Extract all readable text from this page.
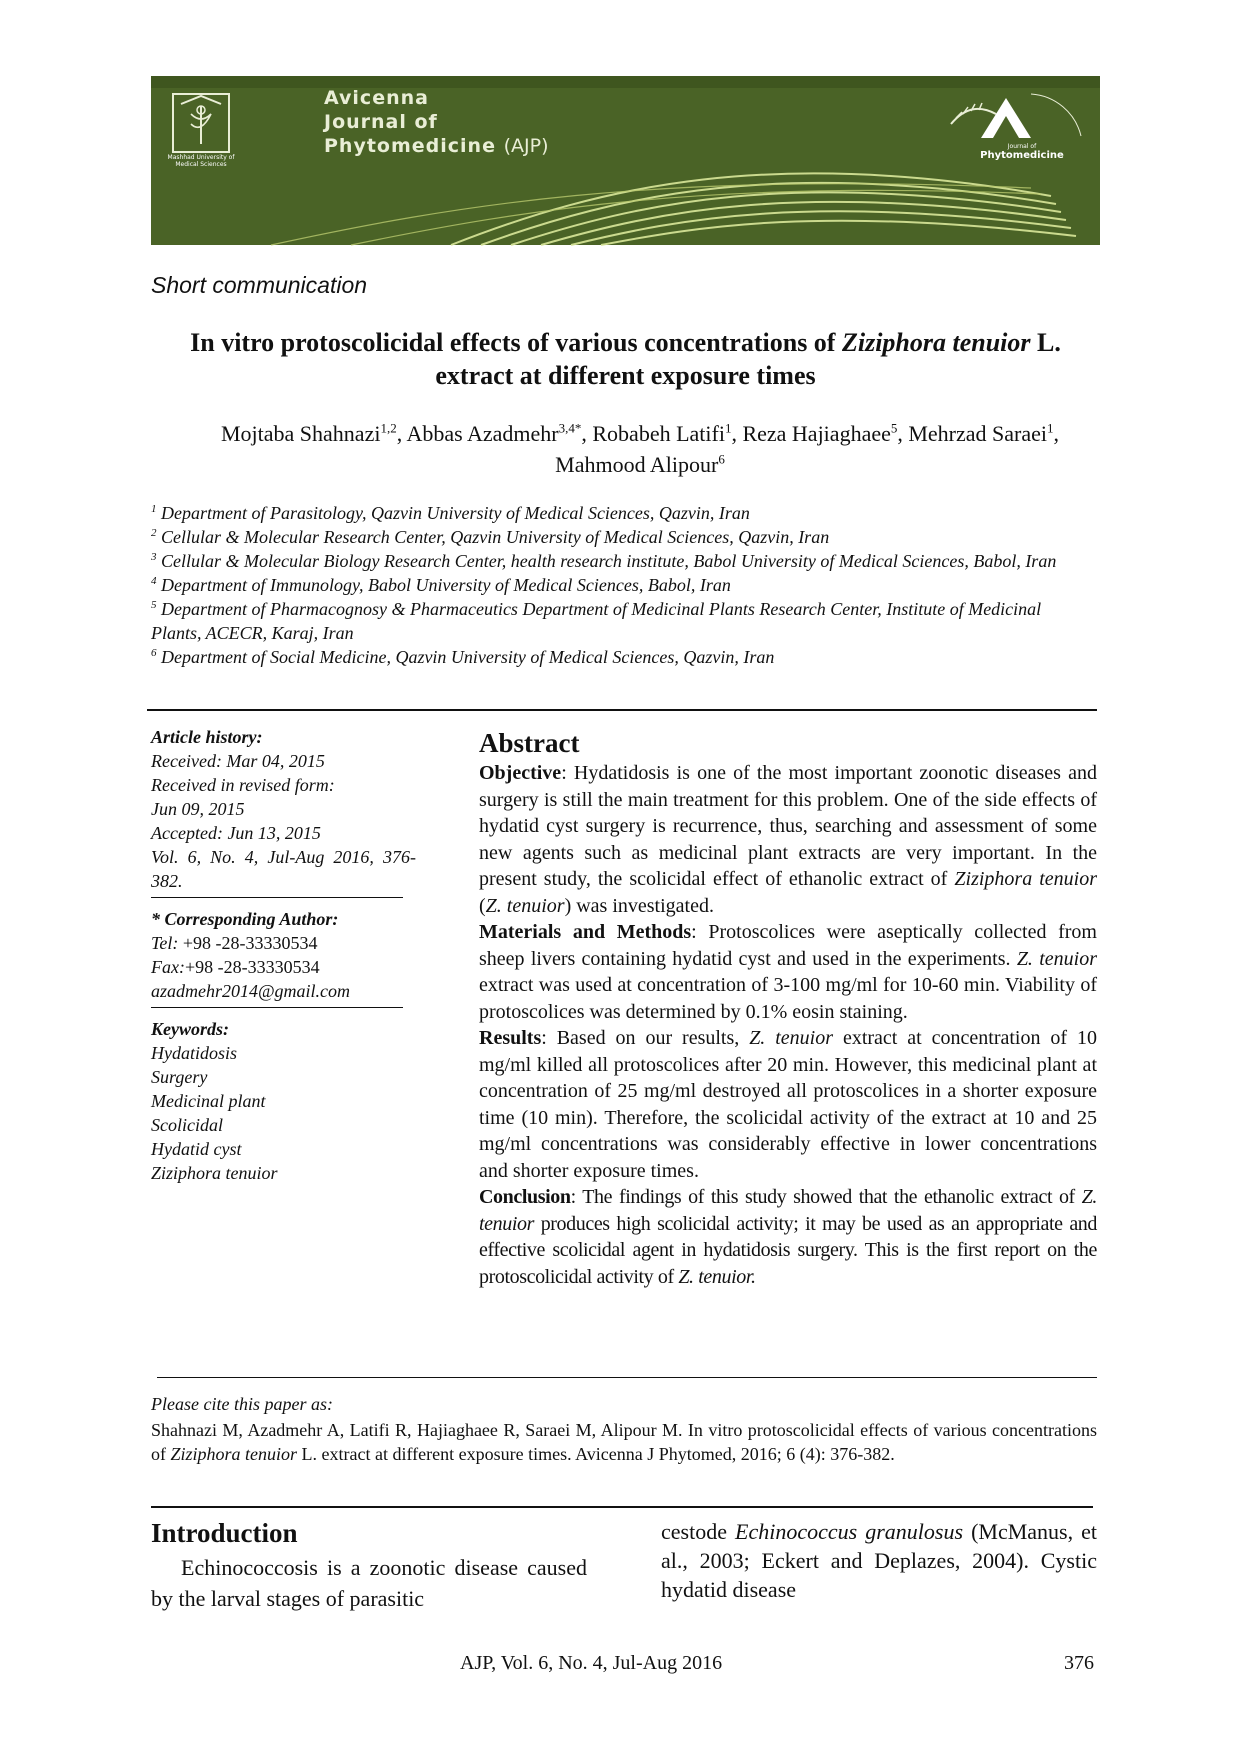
Avicenna
Journal of
Phytomedicine (AJP)
Mashhad University of Medical Sciences
Journal of
Phytomedicine	Avicenna
Short communication
In vitro protoscolicidal effects of various concentrations of Ziziphora tenuior L. extract at different exposure times
Mojtaba Shahnazi$^{1,2}$, Abbas Azadmehr$^{3,4*}$, Robabeh Latifi$^1$, Reza Hajiaghaee$^5$, Mehrzad Saraei$^1$, Mahmood Alipour$^6$
$^1$ Department of Parasitology, Qazvin University of Medical Sciences, Qazvin, Iran
$^2$ Cellular & Molecular Research Center, Qazvin University of Medical Sciences, Qazvin, Iran
$^3$ Cellular & Molecular Biology Research Center, health research institute, Babol University of Medical Sciences, Babol, Iran
$^4$ Department of Immunology, Babol University of Medical Sciences, Babol, Iran
$^5$ Department of Pharmacognosy & Pharmaceutics Department of Medicinal Plants Research Center, Institute of Medicinal Plants, ACECR, Karaj, Iran
$^6$ Department of Social Medicine, Qazvin University of Medical Sciences, Qazvin, Iran
Article history:
Received: Mar 04, 2015
Received in revised form:
Jun 09, 2015
Accepted: Jun 13, 2015
Vol. 6, No. 4, Jul-Aug 2016, 376-382.
* Corresponding Author:
Tel: +98 -28-33330534
Fax:+98 -28-33330534
azadmehr2014@gmail.com
Keywords:
Hydatidosis
Surgery
Medicinal plant
Scolicidal
Hydatid cyst
Ziziphora tenuior
Abstract

Objective: Hydatidosis is one of the most important zoonotic diseases and surgery is still the main treatment for this problem. One of the side effects of hydatid cyst surgery is recurrence, thus, searching and assessment of some new agents such as medicinal plant extracts are very important. In the present study, the scolicidal effect of ethanolic extract of Ziziphora tenuior (Z. tenuior) was investigated.

Materials and Methods: Protoscolices were aseptically collected from sheep livers containing hydatid cyst and used in the experiments. Z. tenuior extract was used at concentration of 3-100 mg/ml for 10-60 min. Viability of protoscolices was determined by 0.1% eosin staining.

Results: Based on our results, Z. tenuior extract at concentration of 10 mg/ml killed all protoscolices after 20 min. However, this medicinal plant at concentration of 25 mg/ml destroyed all protoscolices in a shorter exposure time (10 min). Therefore, the scolicidal activity of the extract at 10 and 25 mg/ml concentrations was considerably effective in lower concentrations and shorter exposure times.

Conclusion: The findings of this study showed that the ethanolic extract of Z. tenuior produces high scolicidal activity; it may be used as an appropriate and effective scolicidal agent in hydatidosis surgery. This is the first report on the protoscolicidal activity of Z. tenuior.

Please cite this paper as:
Shahnazi M, Azadmehr A, Latifi R, Hajiaghaee R, Saraei M, Alipour M. In vitro protoscolicidal effects of various concentrations of Ziziphora tenuior L. extract at different exposure times. Avicenna J Phytomed, 2016; 6 (4): 376-382.
Introduction

Echinococcosis is a zoonotic disease caused by the larval stages of parasitic

cestode Echinococcus granulosus (McManus, et al., 2003; Eckert and Deplazes, 2004). Cystic hydatid disease

AJP, Vol. 6, No. 4, Jul-Aug 2016	376
